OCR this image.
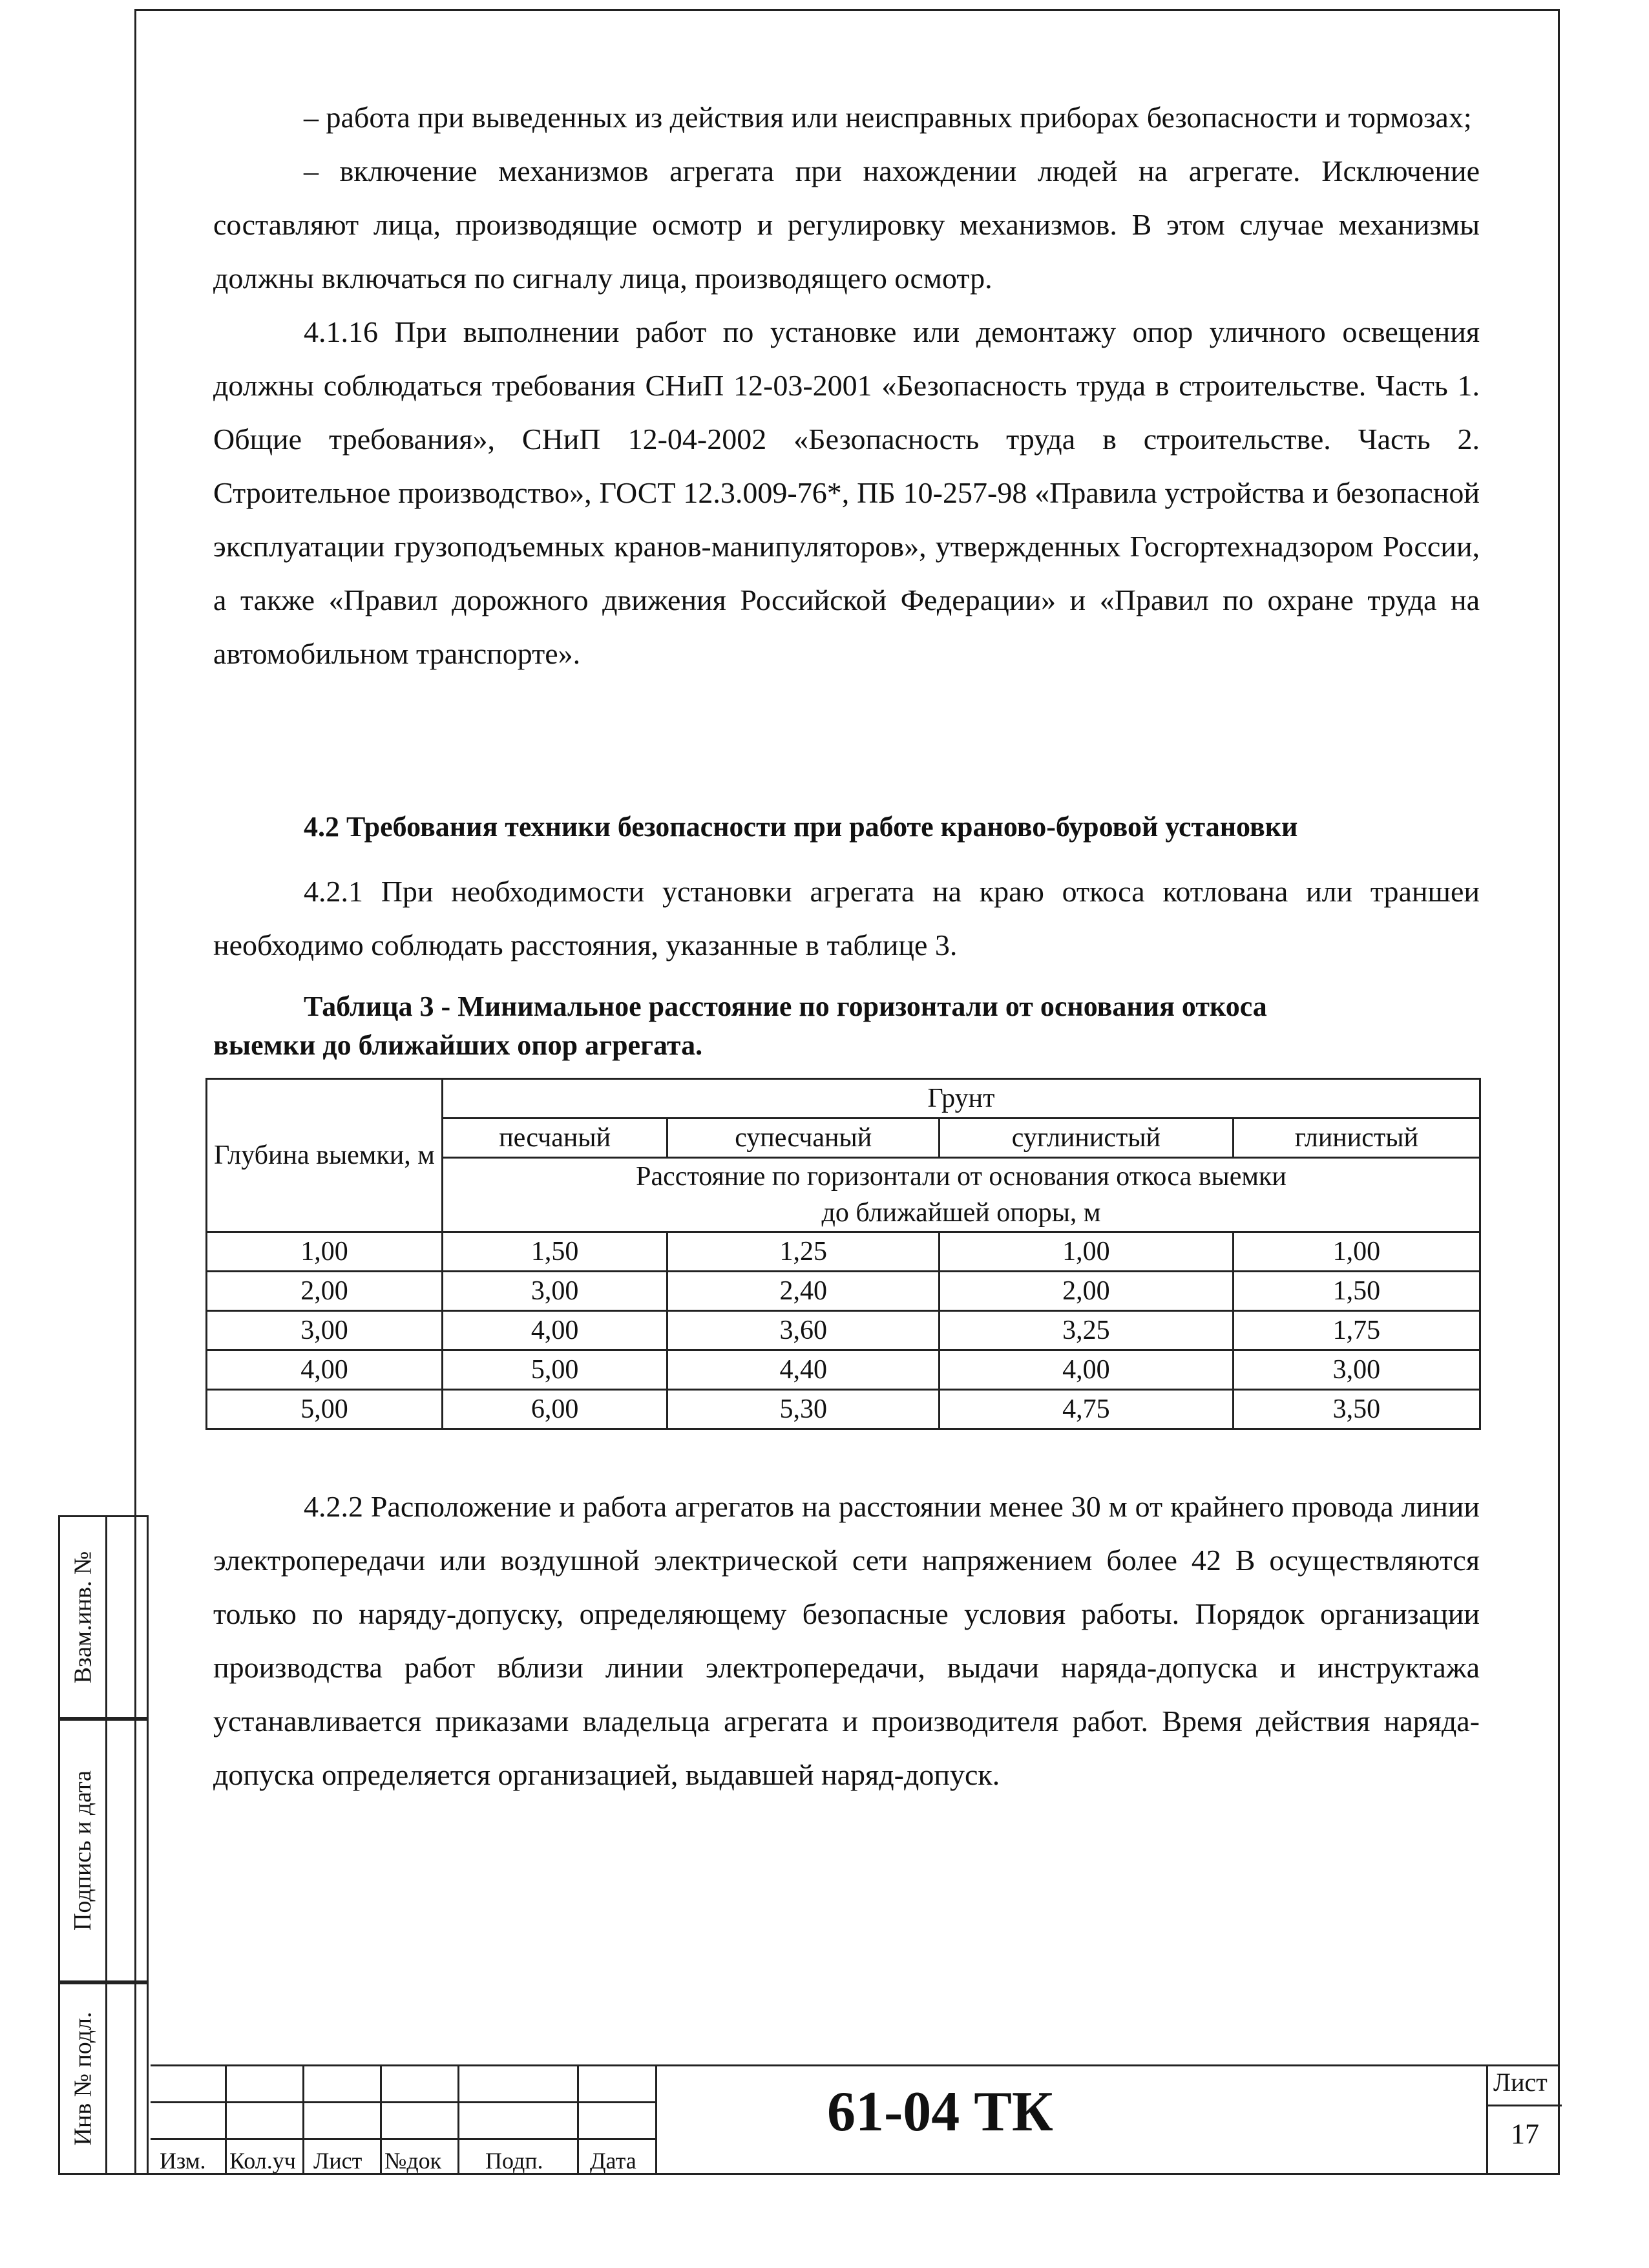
Взам.инв. №
Подпись и дата
Инв № подл.

– работа при выведенных из действия или неисправных приборах безопасности и тормозах;

– включение механизмов агрегата при нахождении людей на агрегате. Исключение составляют лица, производящие осмотр и регулировку механизмов. В этом случае механизмы должны включаться по сигналу лица, производящего осмотр.

4.1.16 При выполнении работ по установке или демонтажу опор уличного освещения должны соблюдаться требования СНиП 12-03-2001 «Безопасность труда в строительстве. Часть 1. Общие требования», СНиП 12-04-2002 «Безопасность труда в строительстве. Часть 2. Строительное производство», ГОСТ 12.3.009-76*, ПБ 10-257-98 «Правила устройства и безопасной эксплуатации грузоподъемных кранов-манипуляторов», утвержденных Госгортехнадзором России, а также «Правил дорожного движения Российской Федерации» и «Правил по охране труда на автомобильном транспорте».

4.2 Требования техники безопасности при работе краново-буровой установки

4.2.1 При необходимости установки агрегата на краю откоса котлована или траншеи необходимо соблюдать расстояния, указанные в таблице 3.

Таблица 3 - Минимальное расстояние по горизонтали от основания откоса
выемки до ближайших опор агрегата.
Глубина выемки, м	Грунт			
	песчаный	супесчаный	суглинистый	глинистый
	Расстояние по горизонтали от основания откоса выемки			
	до ближайшей опоры, м			
1,00	1,50	1,25	1,00	1,00
2,00	3,00	2,40	2,00	1,50
3,00	4,00	3,60	3,25	1,75
4,00	5,00	4,40	4,00	3,00
5,00	6,00	5,30	4,75	3,50

4.2.2 Расположение и работа агрегатов на расстоянии менее 30 м от крайнего провода линии электропередачи или воздушной электрической сети напряжением более 42 В осуществляются только по наряду-допуску, определяющему безопасные условия работы. Порядок организации производства работ вблизи линии электропередачи, выдачи наряда-допуска и инструктажа устанавливается приказами владельца агрегата и производителя работ. Время действия наряда-допуска определяется организацией, выдавшей наряд-допуск.

Изм. Кол.уч Лист №док Подп. Дата
61-04 ТК	Лист
17
